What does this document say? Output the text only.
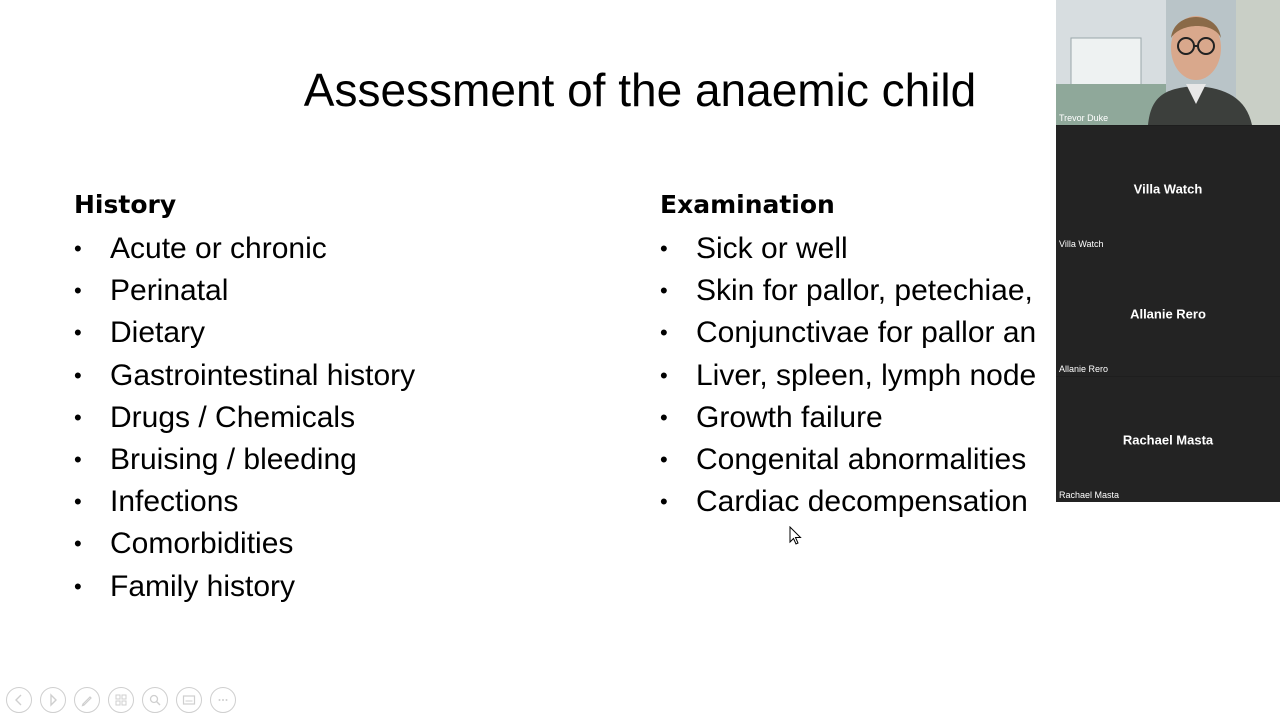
Assessment of the anaemic child
History
• Acute or chronic
• Perinatal
• Dietary
• Gastrointestinal history
• Drugs / Chemicals
• Bruising / bleeding
• Infections
• Comorbidities
• Family history
Examination
• Sick or well
• Skin for pallor, petechiae,
• Conjunctivae for pallor an
• Liver, spleen, lymph node
• Growth failure
• Congenital abnormalities
• Cardiac decompensation
Trevor Duke
Villa Watch
Villa Watch
Allanie Rero
Allanie Rero
Rachael Masta
Rachael Masta
